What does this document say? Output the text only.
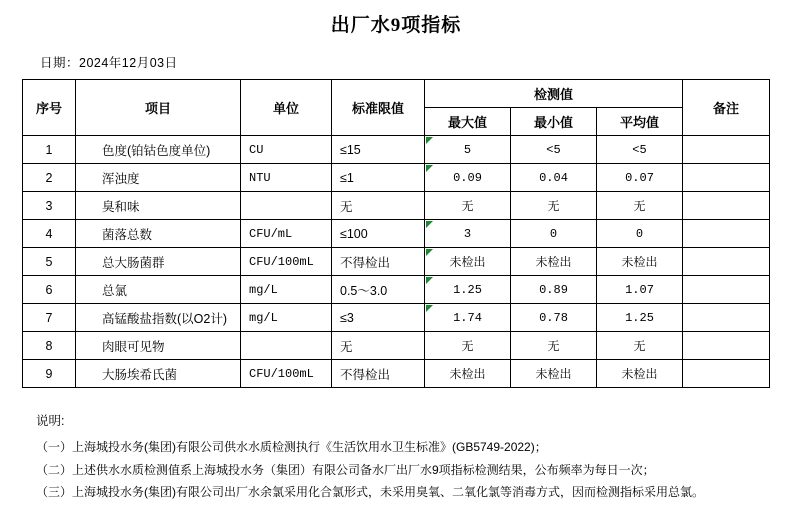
出厂水9项指标
日期：2024年12月03日
序号	项目	单位	标准限值	检测值			备注
				最大值	最小值	平均值	
1	色度(铂钴色度单位)	CU	≤15	5	<5	<5	
2	浑浊度	NTU	≤1	0.09	0.04	0.07	
3	臭和味		无	无	无	无	
4	菌落总数	CFU/mL	≤100	3	0	0	
5	总大肠菌群	CFU/100mL	不得检出	未检出	未检出	未检出	
6	总氯	mg/L	0.5～3.0	1.25	0.89	1.07	
7	高锰酸盐指数(以O2计)	mg/L	≤3	1.74	0.78	1.25	
8	肉眼可见物		无	无	无	无	
9	大肠埃希氏菌	CFU/100mL	不得检出	未检出	未检出	未检出	
说明:
（一）上海城投水务(集团)有限公司供水水质检测执行《生活饮用水卫生标准》(GB5749-2022)；
（二）上述供水水质检测值系上海城投水务（集团）有限公司备水厂出厂水9项指标检测结果，公布频率为每日一次；
（三）上海城投水务(集团)有限公司出厂水余氯采用化合氯形式，未采用臭氧、二氧化氯等消毒方式，因而检测指标采用总氯。
